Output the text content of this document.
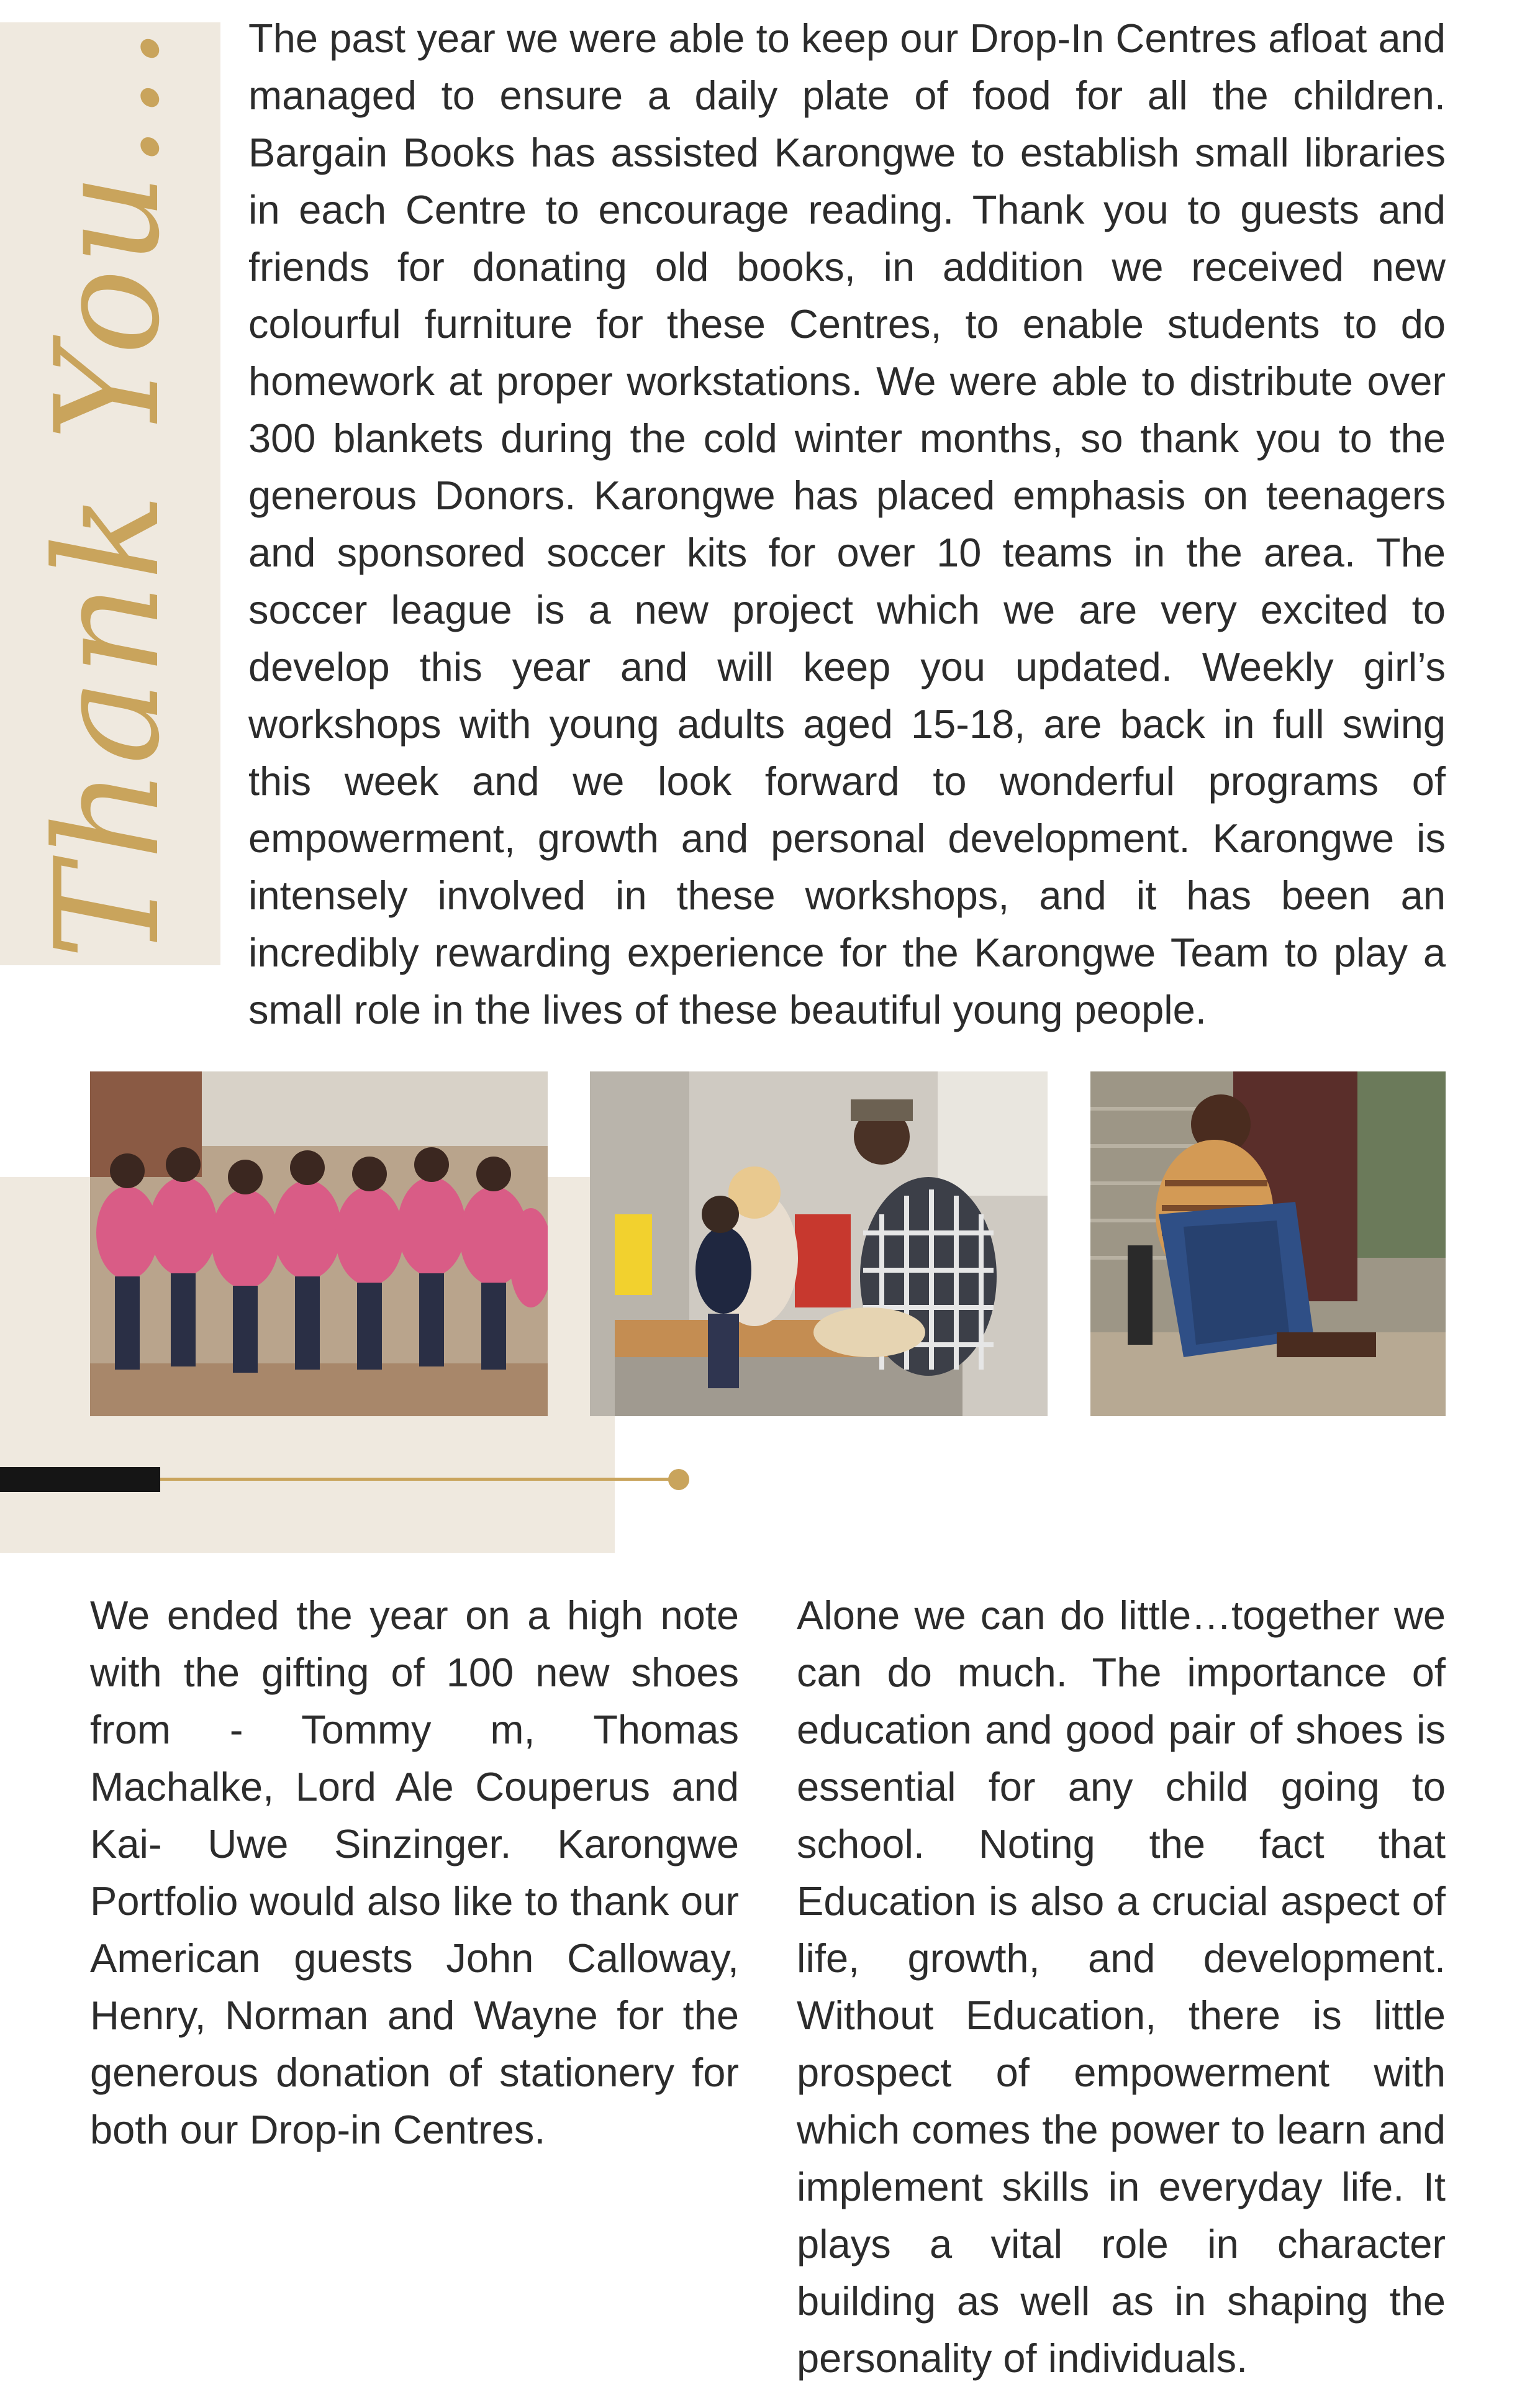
Thank You... The past year we were able to keep our Drop-In Centres afloat and managed to ensure a daily plate of food for all the children. Bargain Books has assisted Karongwe to establish small libraries in each Centre to encourage reading. Thank you to guests and friends for donating old books, in addition we received new colourful furniture for these Centres, to enable students to do homework at proper workstations. We were able to distribute over 300 blankets during the cold winter months, so thank you to the generous Donors. Karongwe has placed emphasis on teenagers and sponsored soccer kits for over 10 teams in the area. The soccer league is a new project which we are very excited to develop this year and will keep you updated. Weekly girl’s workshops with young adults aged 15-18, are back in full swing this week and we look forward to wonderful programs of empowerment, growth and personal development. Karongwe is intensely involved in these workshops, and it has been an incredibly rewarding experience for the Karongwe Team to play a small role in the lives of these beautiful young people.

We ended the year on a high note with the gifting of 100 new shoes from - Tommy m, Thomas Machalke, Lord Ale Couperus and Kai- Uwe Sinzinger. Karongwe Portfolio would also like to thank our American guests John Calloway, Henry, Norman and Wayne for the generous donation of stationery for both our Drop-in Centres.

Alone we can do little…together we can do much. The importance of education and good pair of shoes is essential for any child going to school. Noting the fact that Education is also a crucial aspect of life, growth, and development. Without Education, there is little prospect of empowerment with which comes the power to learn and implement skills in everyday life. It plays a vital role in character building as well as in shaping the personality of individuals.
